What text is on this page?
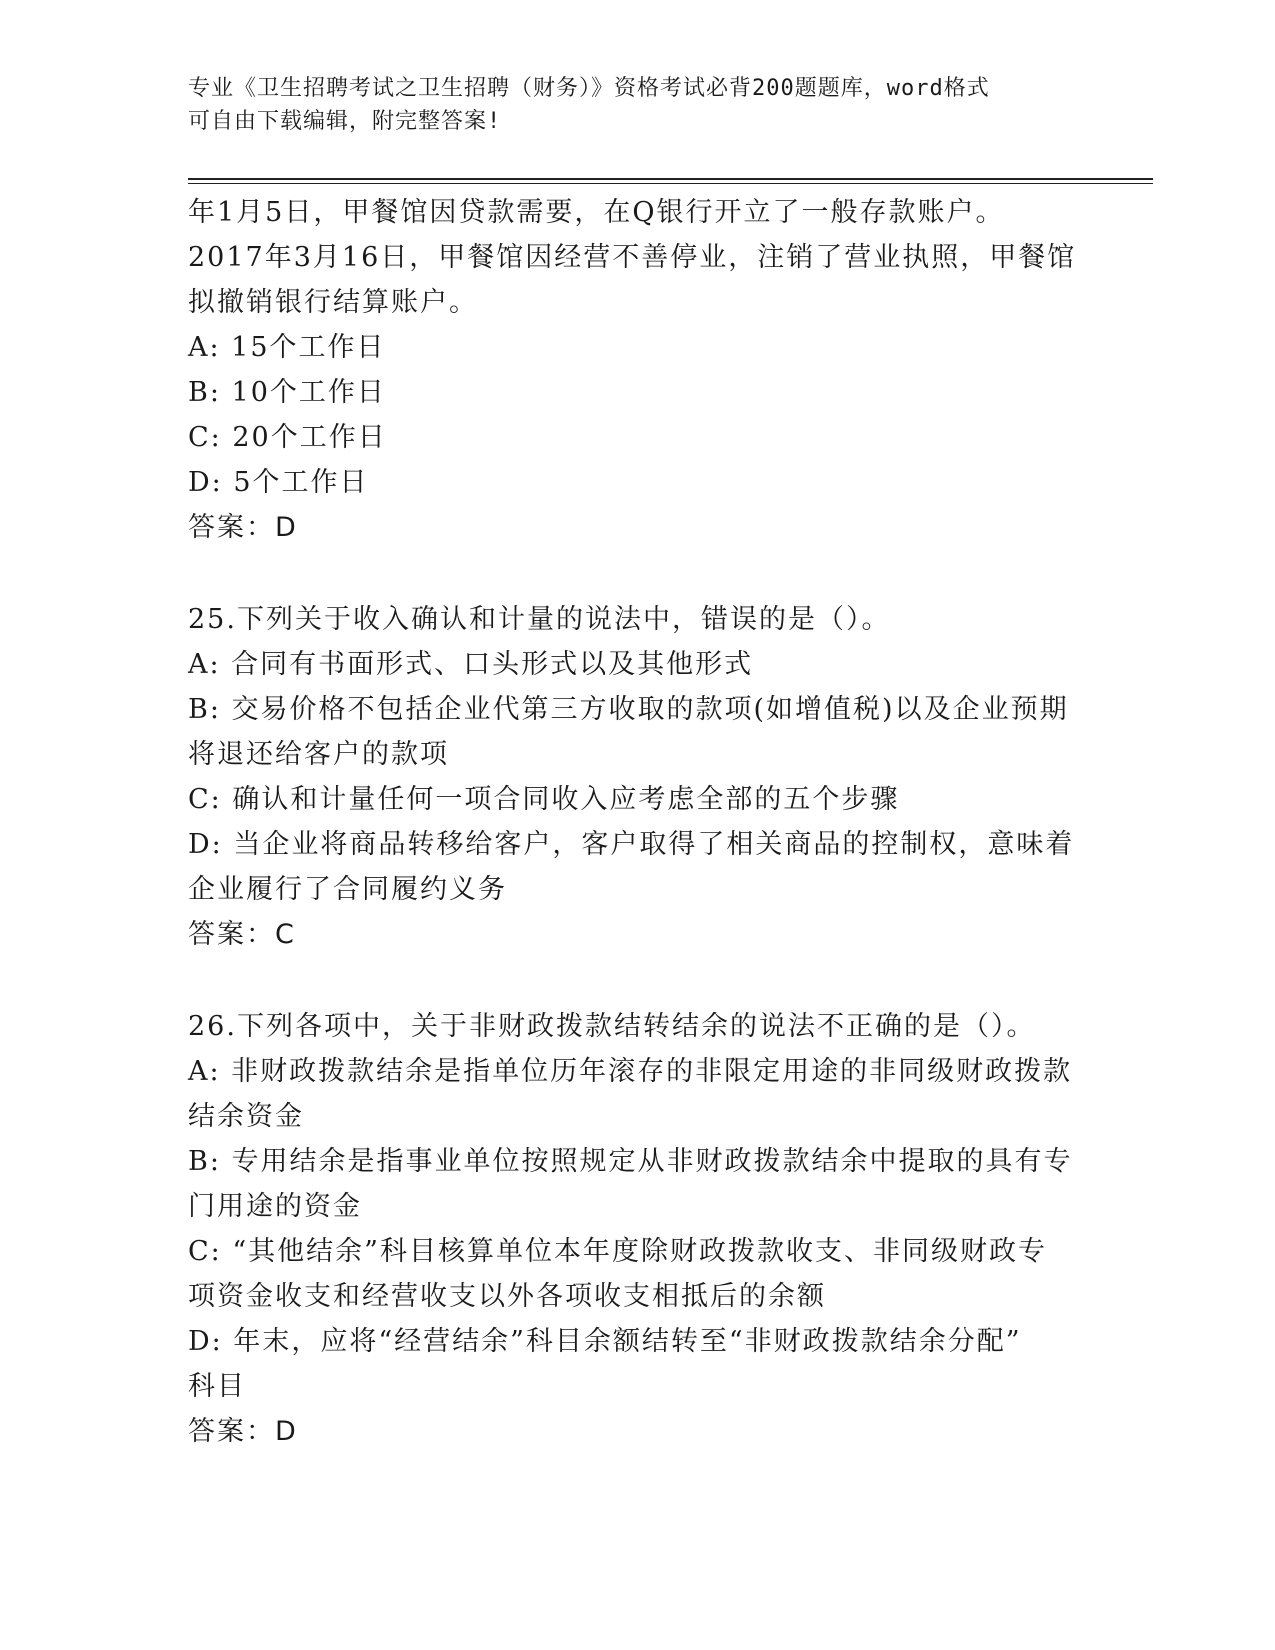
专业《卫生招聘考试之卫生招聘（财务）》资格考试必背200题题库，word格式
可自由下载编辑，附完整答案!
年1月5日，甲餐馆因贷款需要，在Q银行开立了一般存款账户。
2017年3月16日，甲餐馆因经营不善停业，注销了营业执照，甲餐馆
拟撤销银行结算账户。
A: 15个工作日
B: 10个工作日
C: 20个工作日
D: 5个工作日
答案：D
25.下列关于收入确认和计量的说法中，错误的是（）。
A: 合同有书面形式、口头形式以及其他形式
B: 交易价格不包括企业代第三方收取的款项(如增值税)以及企业预期
将退还给客户的款项
C: 确认和计量任何一项合同收入应考虑全部的五个步骤
D: 当企业将商品转移给客户，客户取得了相关商品的控制权，意味着
企业履行了合同履约义务
答案：C
26.下列各项中，关于非财政拨款结转结余的说法不正确的是（）。
A: 非财政拨款结余是指单位历年滚存的非限定用途的非同级财政拨款
结余资金
B: 专用结余是指事业单位按照规定从非财政拨款结余中提取的具有专
门用途的资金
C: “其他结余”科目核算单位本年度除财政拨款收支、非同级财政专
项资金收支和经营收支以外各项收支相抵后的余额
D: 年末，应将“经营结余”科目余额结转至“非财政拨款结余分配”
科目
答案：D
